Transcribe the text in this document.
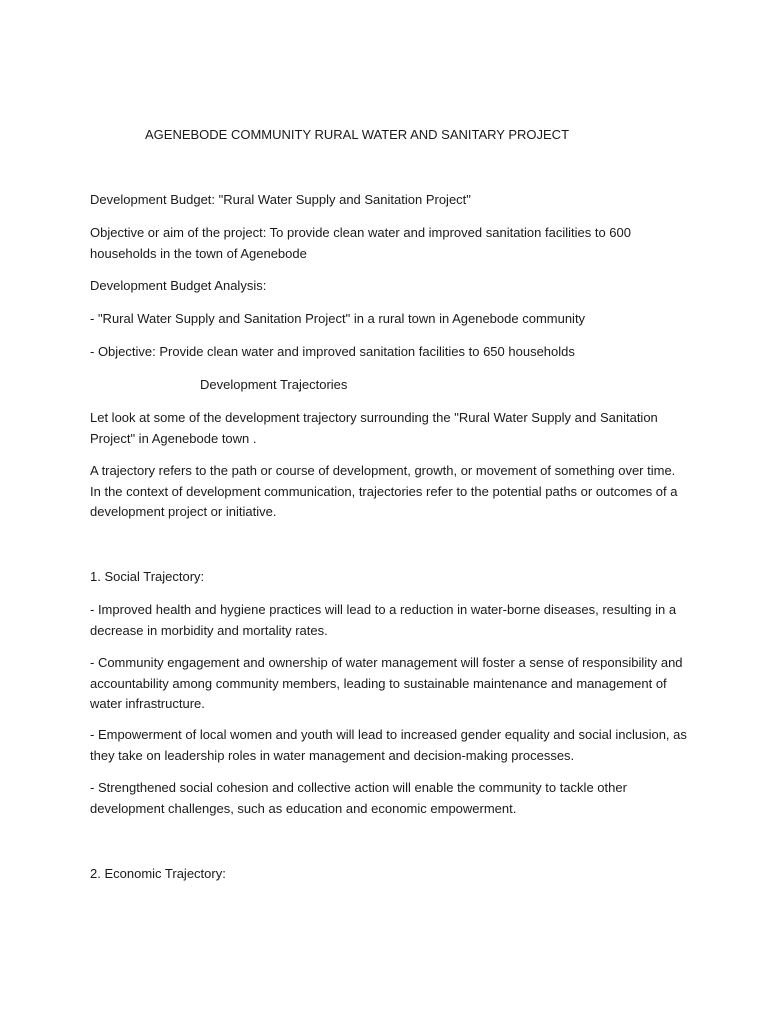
AGENEBODE COMMUNITY RURAL WATER AND SANITARY PROJECT
Development Budget: "Rural Water Supply and Sanitation Project"
Objective or aim of the project: To provide clean water and improved sanitation facilities to 600
households in the town of Agenebode
Development Budget Analysis:
- "Rural Water Supply and Sanitation Project" in a rural town in Agenebode community
- Objective: Provide clean water and improved sanitation facilities to 650 households
Development Trajectories
Let look at some of the development trajectory surrounding the "Rural Water Supply and Sanitation
Project" in Agenebode town .
A trajectory refers to the path or course of development, growth, or movement of something over time.
In the context of development communication, trajectories refer to the potential paths or outcomes of a
development project or initiative.
1. Social Trajectory:
- Improved health and hygiene practices will lead to a reduction in water-borne diseases, resulting in a
decrease in morbidity and mortality rates.
- Community engagement and ownership of water management will foster a sense of responsibility and
accountability among community members, leading to sustainable maintenance and management of
water infrastructure.
- Empowerment of local women and youth will lead to increased gender equality and social inclusion, as
they take on leadership roles in water management and decision-making processes.
- Strengthened social cohesion and collective action will enable the community to tackle other
development challenges, such as education and economic empowerment.
2. Economic Trajectory:
